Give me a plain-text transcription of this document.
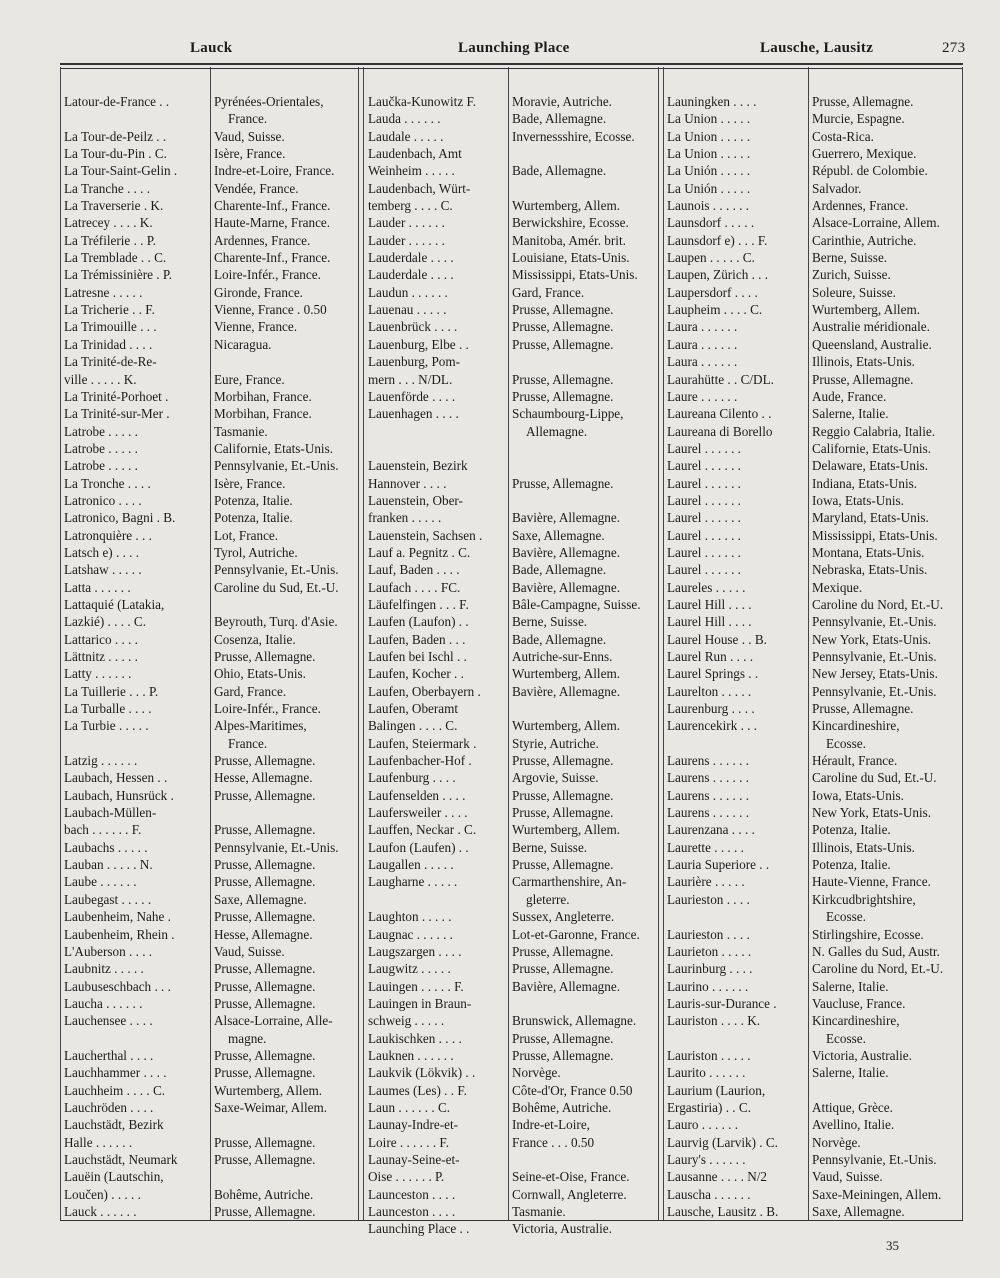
Lauck	Launching Place	Lausche, Lausitz	273
Latour-de-France . .	Pyrénées-Orientales,
France.
La Tour-de-Peilz . .	Vaud, Suisse.
La Tour-du-Pin . C.	Isère, France.
La Tour-Saint-Gelin .	Indre-et-Loire, France.
La Tranche . . . .	Vendée, France.
La Traverserie . K.	Charente-Inf., France.
Latrecey . . . . K.	Haute-Marne, France.
La Tréfilerie . . P.	Ardennes, France.
La Tremblade . . C.	Charente-Inf., France.
La Trémissinière . P.	Loire-Infér., France.
Latresne . . . . .	Gironde, France.
La Tricherie . . F.	Vienne, France . 0.50
La Trimouille . . .	Vienne, France.
La Trinidad . . . .	Nicaragua.
La Trinité-de-Re-
ville . . . . . K.	Eure, France.
La Trinité-Porhoet .	Morbihan, France.
La Trinité-sur-Mer .	Morbihan, France.
Latrobe . . . . .	Tasmanie.
Latrobe . . . . .	Californie, Etats-Unis.
Latrobe . . . . .	Pennsylvanie, Et.-Unis.
La Tronche . . . .	Isère, France.
Latronico . . . .	Potenza, Italie.
Latronico, Bagni . B.	Potenza, Italie.
Latronquière . . .	Lot, France.
Latsch e) . . . .	Tyrol, Autriche.
Latshaw . . . . .	Pennsylvanie, Et.-Unis.
Latta . . . . . .	Caroline du Sud, Et.-U.
Lattaquié (Latakia,
Lazkié) . . . . C.	Beyrouth, Turq. d'Asie.
Lattarico . . . .	Cosenza, Italie.
Lättnitz . . . . .	Prusse, Allemagne.
Latty . . . . . .	Ohio, Etats-Unis.
La Tuillerie . . . P.	Gard, France.
La Turballe . . . .	Loire-Infér., France.
La Turbie . . . . .	Alpes-Maritimes,
France.
Latzig . . . . . .	Prusse, Allemagne.
Laubach, Hessen . .	Hesse, Allemagne.
Laubach, Hunsrück .	Prusse, Allemagne.
Laubach-Müllen-
bach . . . . . . F.	Prusse, Allemagne.
Laubachs . . . . .	Pennsylvanie, Et.-Unis.
Lauban . . . . . N.	Prusse, Allemagne.
Laube . . . . . .	Prusse, Allemagne.
Laubegast . . . . .	Saxe, Allemagne.
Laubenheim, Nahe .	Prusse, Allemagne.
Laubenheim, Rhein .	Hesse, Allemagne.
L'Auberson . . . .	Vaud, Suisse.
Laubnitz . . . . .	Prusse, Allemagne.
Laubuseschbach . . .	Prusse, Allemagne.
Laucha . . . . . .	Prusse, Allemagne.
Lauchensee . . . .	Alsace-Lorraine, Alle-
magne.
Laucherthal . . . .	Prusse, Allemagne.
Lauchhammer . . . .	Prusse, Allemagne.
Lauchheim . . . . C.	Wurtemberg, Allem.
Lauchröden . . . .	Saxe-Weimar, Allem.
Lauchstädt, Bezirk
Halle . . . . . .	Prusse, Allemagne.
Lauchstädt, Neumark	Prusse, Allemagne.
Lauëin (Lautschin,
Loučen) . . . . .	Bohême, Autriche.
Lauck . . . . . .	Prusse, Allemagne.
Laučka-Kunowitz F.	Moravie, Autriche.
Lauda . . . . . .	Bade, Allemagne.
Laudale . . . . .	Invernessshire, Ecosse.
Laudenbach, Amt
Weinheim . . . . .	Bade, Allemagne.
Laudenbach, Würt-
temberg . . . . C.	Wurtemberg, Allem.
Lauder . . . . . .	Berwickshire, Ecosse.
Lauder . . . . . .	Manitoba, Amér. brit.
Lauderdale . . . .	Louisiane, Etats-Unis.
Lauderdale . . . .	Mississippi, Etats-Unis.
Laudun . . . . . .	Gard, France.
Lauenau . . . . .	Prusse, Allemagne.
Lauenbrück . . . .	Prusse, Allemagne.
Lauenburg, Elbe . .	Prusse, Allemagne.
Lauenburg, Pom-
mern . . . N/DL.	Prusse, Allemagne.
Lauenförde . . . .	Prusse, Allemagne.
Lauenhagen . . . .	Schaumbourg-Lippe,
Allemagne.
Lauenstein, Bezirk
Hannover . . . .	Prusse, Allemagne.
Lauenstein, Ober-
franken . . . . .	Bavière, Allemagne.
Lauenstein, Sachsen . Saxe, Allemagne.
Lauf a. Pegnitz . C.	Bavière, Allemagne.
Lauf, Baden . . . .	Bade, Allemagne.
Laufach . . . . FC.	Bavière, Allemagne.
Läufelfingen . . . F.	Bâle-Campagne, Suisse.
Laufen (Laufon) . .	Berne, Suisse.
Laufen, Baden . . .	Bade, Allemagne.
Laufen bei Ischl . .	Autriche-sur-Enns.
Laufen, Kocher . .	Wurtemberg, Allem.
Laufen, Oberbayern . Bavière, Allemagne.
Laufen, Oberamt
Balingen . . . . C.	Wurtemberg, Allem.
Laufen, Steiermark .	Styrie, Autriche.
Laufenbacher-Hof .	Prusse, Allemagne.
Laufenburg . . . .	Argovie, Suisse.
Laufenselden . . . .	Prusse, Allemagne.
Laufersweiler . . . .	Prusse, Allemagne.
Lauffen, Neckar . C.	Wurtemberg, Allem.
Laufon (Laufen) . .	Berne, Suisse.
Laugallen . . . . .	Prusse, Allemagne.
Laugharne . . . . .	Carmarthenshire, An-
gleterre.
Laughton . . . . .	Sussex, Angleterre.
Laugnac . . . . . .	Lot-et-Garonne, France.
Laugszargen . . . .	Prusse, Allemagne.
Laugwitz . . . . .	Prusse, Allemagne.
Lauingen . . . . . F.	Bavière, Allemagne.
Lauingen in Braun-
schweig . . . . .	Brunswick, Allemagne.
Laukischken . . . .	Prusse, Allemagne.
Lauknen . . . . . .	Prusse, Allemagne.
Laukvik (Lökvik) . .	Norvège.
Laumes (Les) . . F.	Côte-d'Or, France 0.50
Laun . . . . . . C.	Bohême, Autriche.
Launay-Indre-et-	Indre-et-Loire,
Loire . . . . . . F.	France . . . 0.50
Launay-Seine-et-
Oise . . . . . . P.	Seine-et-Oise, France.
Launceston . . . .	Cornwall, Angleterre.
Launceston . . . .	Tasmanie.
Launching Place . .	Victoria, Australie.
Launingken . . . .	Prusse, Allemagne.
La Union . . . . .	Murcie, Espagne.
La Union . . . . .	Costa-Rica.
La Union . . . . .	Guerrero, Mexique.
La Unión . . . . .	Républ. de Colombie.
La Unión . . . . .	Salvador.
Launois . . . . . .	Ardennes, France.
Launsdorf . . . . .	Alsace-Lorraine, Allem.
Launsdorf e) . . . F.	Carinthie, Autriche.
Laupen . . . . . C.	Berne, Suisse.
Laupen, Zürich . . .	Zurich, Suisse.
Laupersdorf . . . .	Soleure, Suisse.
Laupheim . . . . C.	Wurtemberg, Allem.
Laura . . . . . .	Australie méridionale.
Laura . . . . . .	Queensland, Australie.
Laura . . . . . .	Illinois, Etats-Unis.
Laurahütte . . C/DL.	Prusse, Allemagne.
Laure . . . . . .	Aude, France.
Laureana Cilento . .	Salerne, Italie.
Laureana di Borello	Reggio Calabria, Italie.
Laurel . . . . . .	Californie, Etats-Unis.
Laurel . . . . . .	Delaware, Etats-Unis.
Laurel . . . . . .	Indiana, Etats-Unis.
Laurel . . . . . .	Iowa, Etats-Unis.
Laurel . . . . . .	Maryland, Etats-Unis.
Laurel . . . . . .	Mississippi, Etats-Unis.
Laurel . . . . . .	Montana, Etats-Unis.
Laurel . . . . . .	Nebraska, Etats-Unis.
Laureles . . . . .	Mexique.
Laurel Hill . . . .	Caroline du Nord, Et.-U.
Laurel Hill . . . .	Pennsylvanie, Et.-Unis.
Laurel House . . B.	New York, Etats-Unis.
Laurel Run . . . .	Pennsylvanie, Et.-Unis.
Laurel Springs . .	New Jersey, Etats-Unis.
Laurelton . . . . .	Pennsylvanie, Et.-Unis.
Laurenburg . . . .	Prusse, Allemagne.
Laurencekirk . . .	Kincardineshire,
Ecosse.
Laurens . . . . . .	Hérault, France.
Laurens . . . . . .	Caroline du Sud, Et.-U.
Laurens . . . . . .	Iowa, Etats-Unis.
Laurens . . . . . .	New York, Etats-Unis.
Laurenzana . . . .	Potenza, Italie.
Laurette . . . . .	Illinois, Etats-Unis.
Lauria Superiore . .	Potenza, Italie.
Laurière . . . . .	Haute-Vienne, France.
Laurieston . . . .	Kirkcudbrightshire,
Ecosse.
Laurieston . . . .	Stirlingshire, Ecosse.
Laurieton . . . . .	N. Galles du Sud, Austr.
Laurinburg . . . .	Caroline du Nord, Et.-U.
Laurino . . . . . .	Salerne, Italie.
Lauris-sur-Durance .	Vaucluse, France.
Lauriston . . . . K.	Kincardineshire,
Ecosse.
Lauriston . . . . .	Victoria, Australie.
Laurito . . . . . .	Salerne, Italie.
Laurium (Laurion,
Ergastiria) . . C.	Attique, Grèce.
Lauro . . . . . .	Avellino, Italie.
Laurvig (Larvik) . C.	Norvège.
Laury's . . . . . .	Pennsylvanie, Et.-Unis.
Lausanne . . . . N/2	Vaud, Suisse.
Lauscha . . . . . .	Saxe-Meiningen, Allem.
Lausche, Lausitz . B.	Saxe, Allemagne.
35
